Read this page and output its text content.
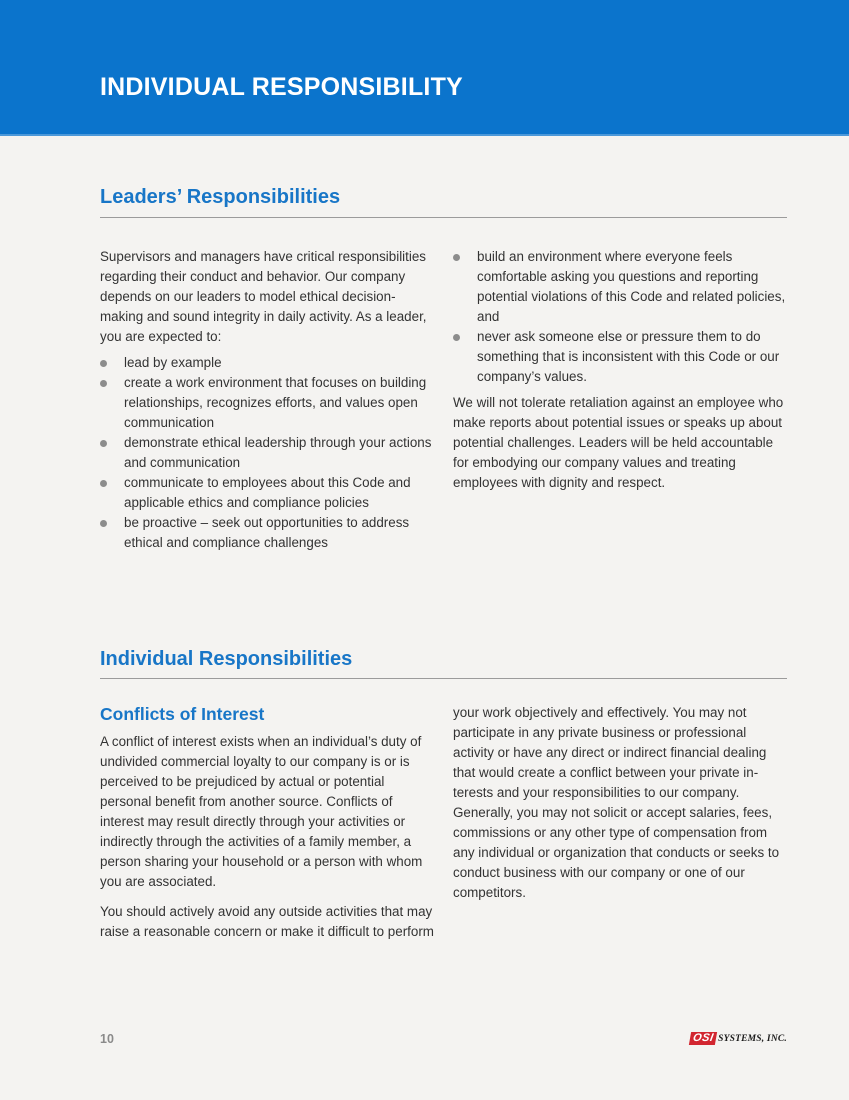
INDIVIDUAL RESPONSIBILITY
Leaders’ Responsibilities

Supervisors and managers have critical responsibilities regarding their conduct and behavior. Our company depends on our leaders to model ethical decision-making and sound integrity in daily activity. As a leader, you are expected to:

lead by example
create a work environment that focuses on building relationships, recognizes efforts, and values open communication
demonstrate ethical leadership through your actions and communication
communicate to employees about this Code and applicable ethics and compliance policies
be proactive – seek out opportunities to address ethical and compliance challenges
build an environment where everyone feels comfortable asking you questions and reporting potential violations of this Code and related policies, and
never ask someone else or pressure them to do something that is inconsistent with this Code or our company’s values.

We will not tolerate retaliation against an employee who make reports about potential issues or speaks up about potential challenges. Leaders will be held accountable for embodying our company values and treating employees with dignity and respect.

Individual Responsibilities
Conflicts of Interest

A conflict of interest exists when an individual’s duty of undivided commercial loyalty to our company is or is perceived to be prejudiced by actual or potential personal benefit from another source. Conflicts of interest may result directly through your activities or indirectly through the activities of a family member, a person sharing your household or a person with whom you are associated.

You should actively avoid any outside activities that may raise a reasonable concern or make it difficult to perform
your work objectively and effectively. You may not participate in any private business or professional activity or have any direct or indirect financial dealing that would create a conflict between your private interests and your responsibilities to our company. Generally, you may not solicit or accept salaries, fees, commissions or any other type of compensation from any individual or organization that conducts or seeks to conduct business with our company or one of our competitors.
10	OSI SYSTEMS, INC.
